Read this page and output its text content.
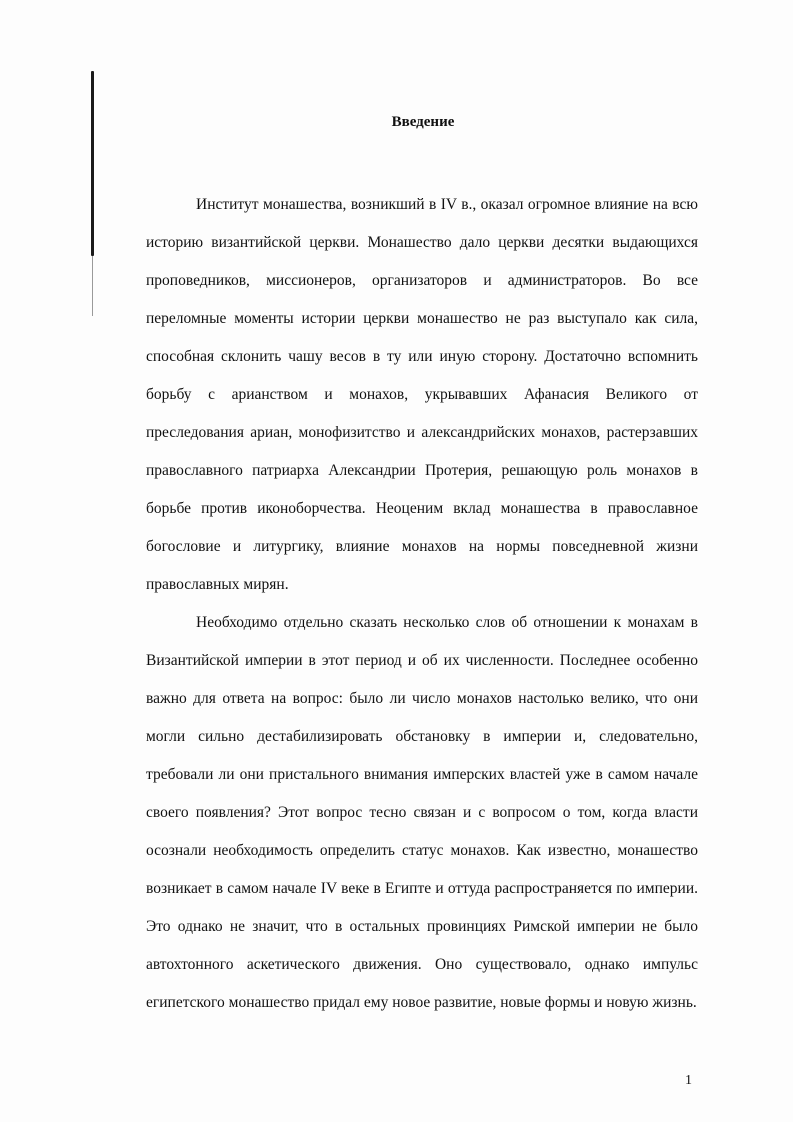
Введение

Институт монашества, возникший в IV в., оказал огромное влияние на всю историю византийской церкви. Монашество дало церкви десятки выдающихся проповедников, миссионеров, организаторов и администраторов. Во все переломные моменты истории церкви монашество не раз выступало как сила, способная склонить чашу весов в ту или иную сторону. Достаточно вспомнить борьбу с арианством и монахов, укрывавших Афанасия Великого от преследования ариан, монофизитство и александрийских монахов, растерзавших православного патриарха Александрии Протерия, решающую роль монахов в борьбе против иконоборчества. Неоценим вклад монашества в православное богословие и литургику, влияние монахов на нормы повседневной жизни православных мирян.

Необходимо отдельно сказать несколько слов об отношении к монахам в Византийской империи в этот период и об их численности. Последнее особенно важно для ответа на вопрос: было ли число монахов настолько велико, что они могли сильно дестабилизировать обстановку в империи и, следовательно, требовали ли они пристального внимания имперских властей уже в самом начале своего появления? Этот вопрос тесно связан и с вопросом о том, когда власти осознали необходимость определить статус монахов. Как известно, монашество возникает в самом начале IV веке в Египте и оттуда распространяется по империи. Это однако не значит, что в остальных провинциях Римской империи не было автохтонного аскетического движения. Оно существовало, однако импульс египетского монашество придал ему новое развитие, новые формы и новую жизнь.

1
